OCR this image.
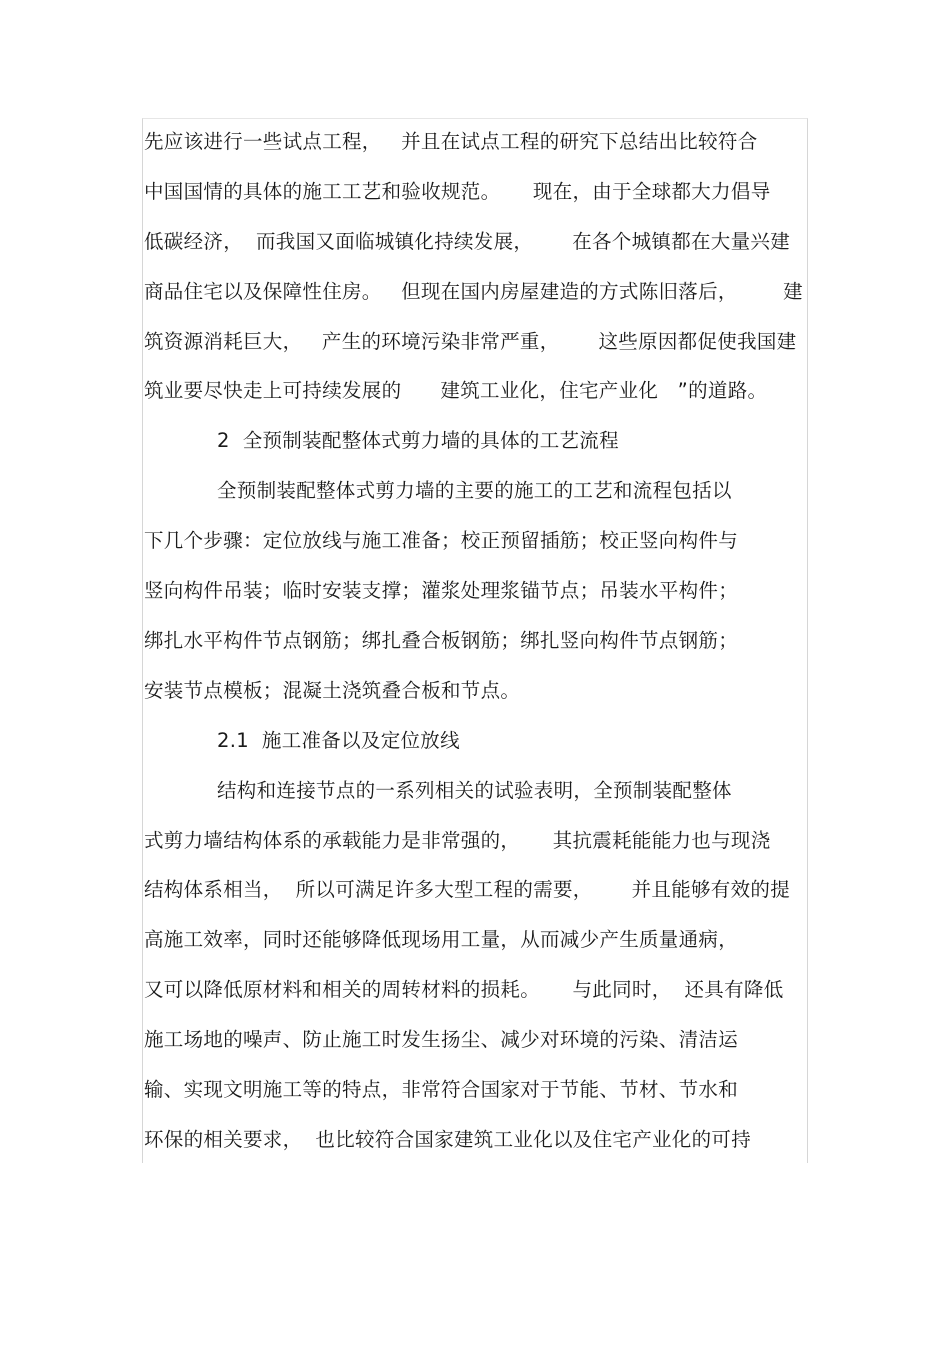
先应该进行一些试点工程，   并且在试点工程的研究下总结出比较符合
中国国情的具体的施工工艺和验收规范。     现在，由于全球都大力倡导
低碳经济，  而我国又面临城镇化持续发展，      在各个城镇都在大量兴建
商品住宅以及保障性住房。   但现在国内房屋建造的方式陈旧落后，       建
筑资源消耗巨大，   产生的环境污染非常严重，      这些原因都促使我国建
筑业要尽快走上可持续发展的      建筑工业化，住宅产业化   ”的道路。
2  全预制装配整体式剪力墙的具体的工艺流程
全预制装配整体式剪力墙的主要的施工的工艺和流程包括以
下几个步骤：定位放线与施工准备；校正预留插筋；校正竖向构件与
竖向构件吊装；临时安装支撑；灌浆处理浆锚节点；吊装水平构件；
绑扎水平构件节点钢筋；绑扎叠合板钢筋；绑扎竖向构件节点钢筋；
安装节点模板；混凝土浇筑叠合板和节点。
2.1  施工准备以及定位放线
结构和连接节点的一系列相关的试验表明，全预制装配整体
式剪力墙结构体系的承载能力是非常强的，     其抗震耗能能力也与现浇
结构体系相当，  所以可满足许多大型工程的需要，      并且能够有效的提
高施工效率，同时还能够降低现场用工量，从而减少产生质量通病，
又可以降低原材料和相关的周转材料的损耗。     与此同时，  还具有降低
施工场地的噪声、防止施工时发生扬尘、减少对环境的污染、清洁运
输、实现文明施工等的特点，非常符合国家对于节能、节材、节水和
环保的相关要求，  也比较符合国家建筑工业化以及住宅产业化的可持
